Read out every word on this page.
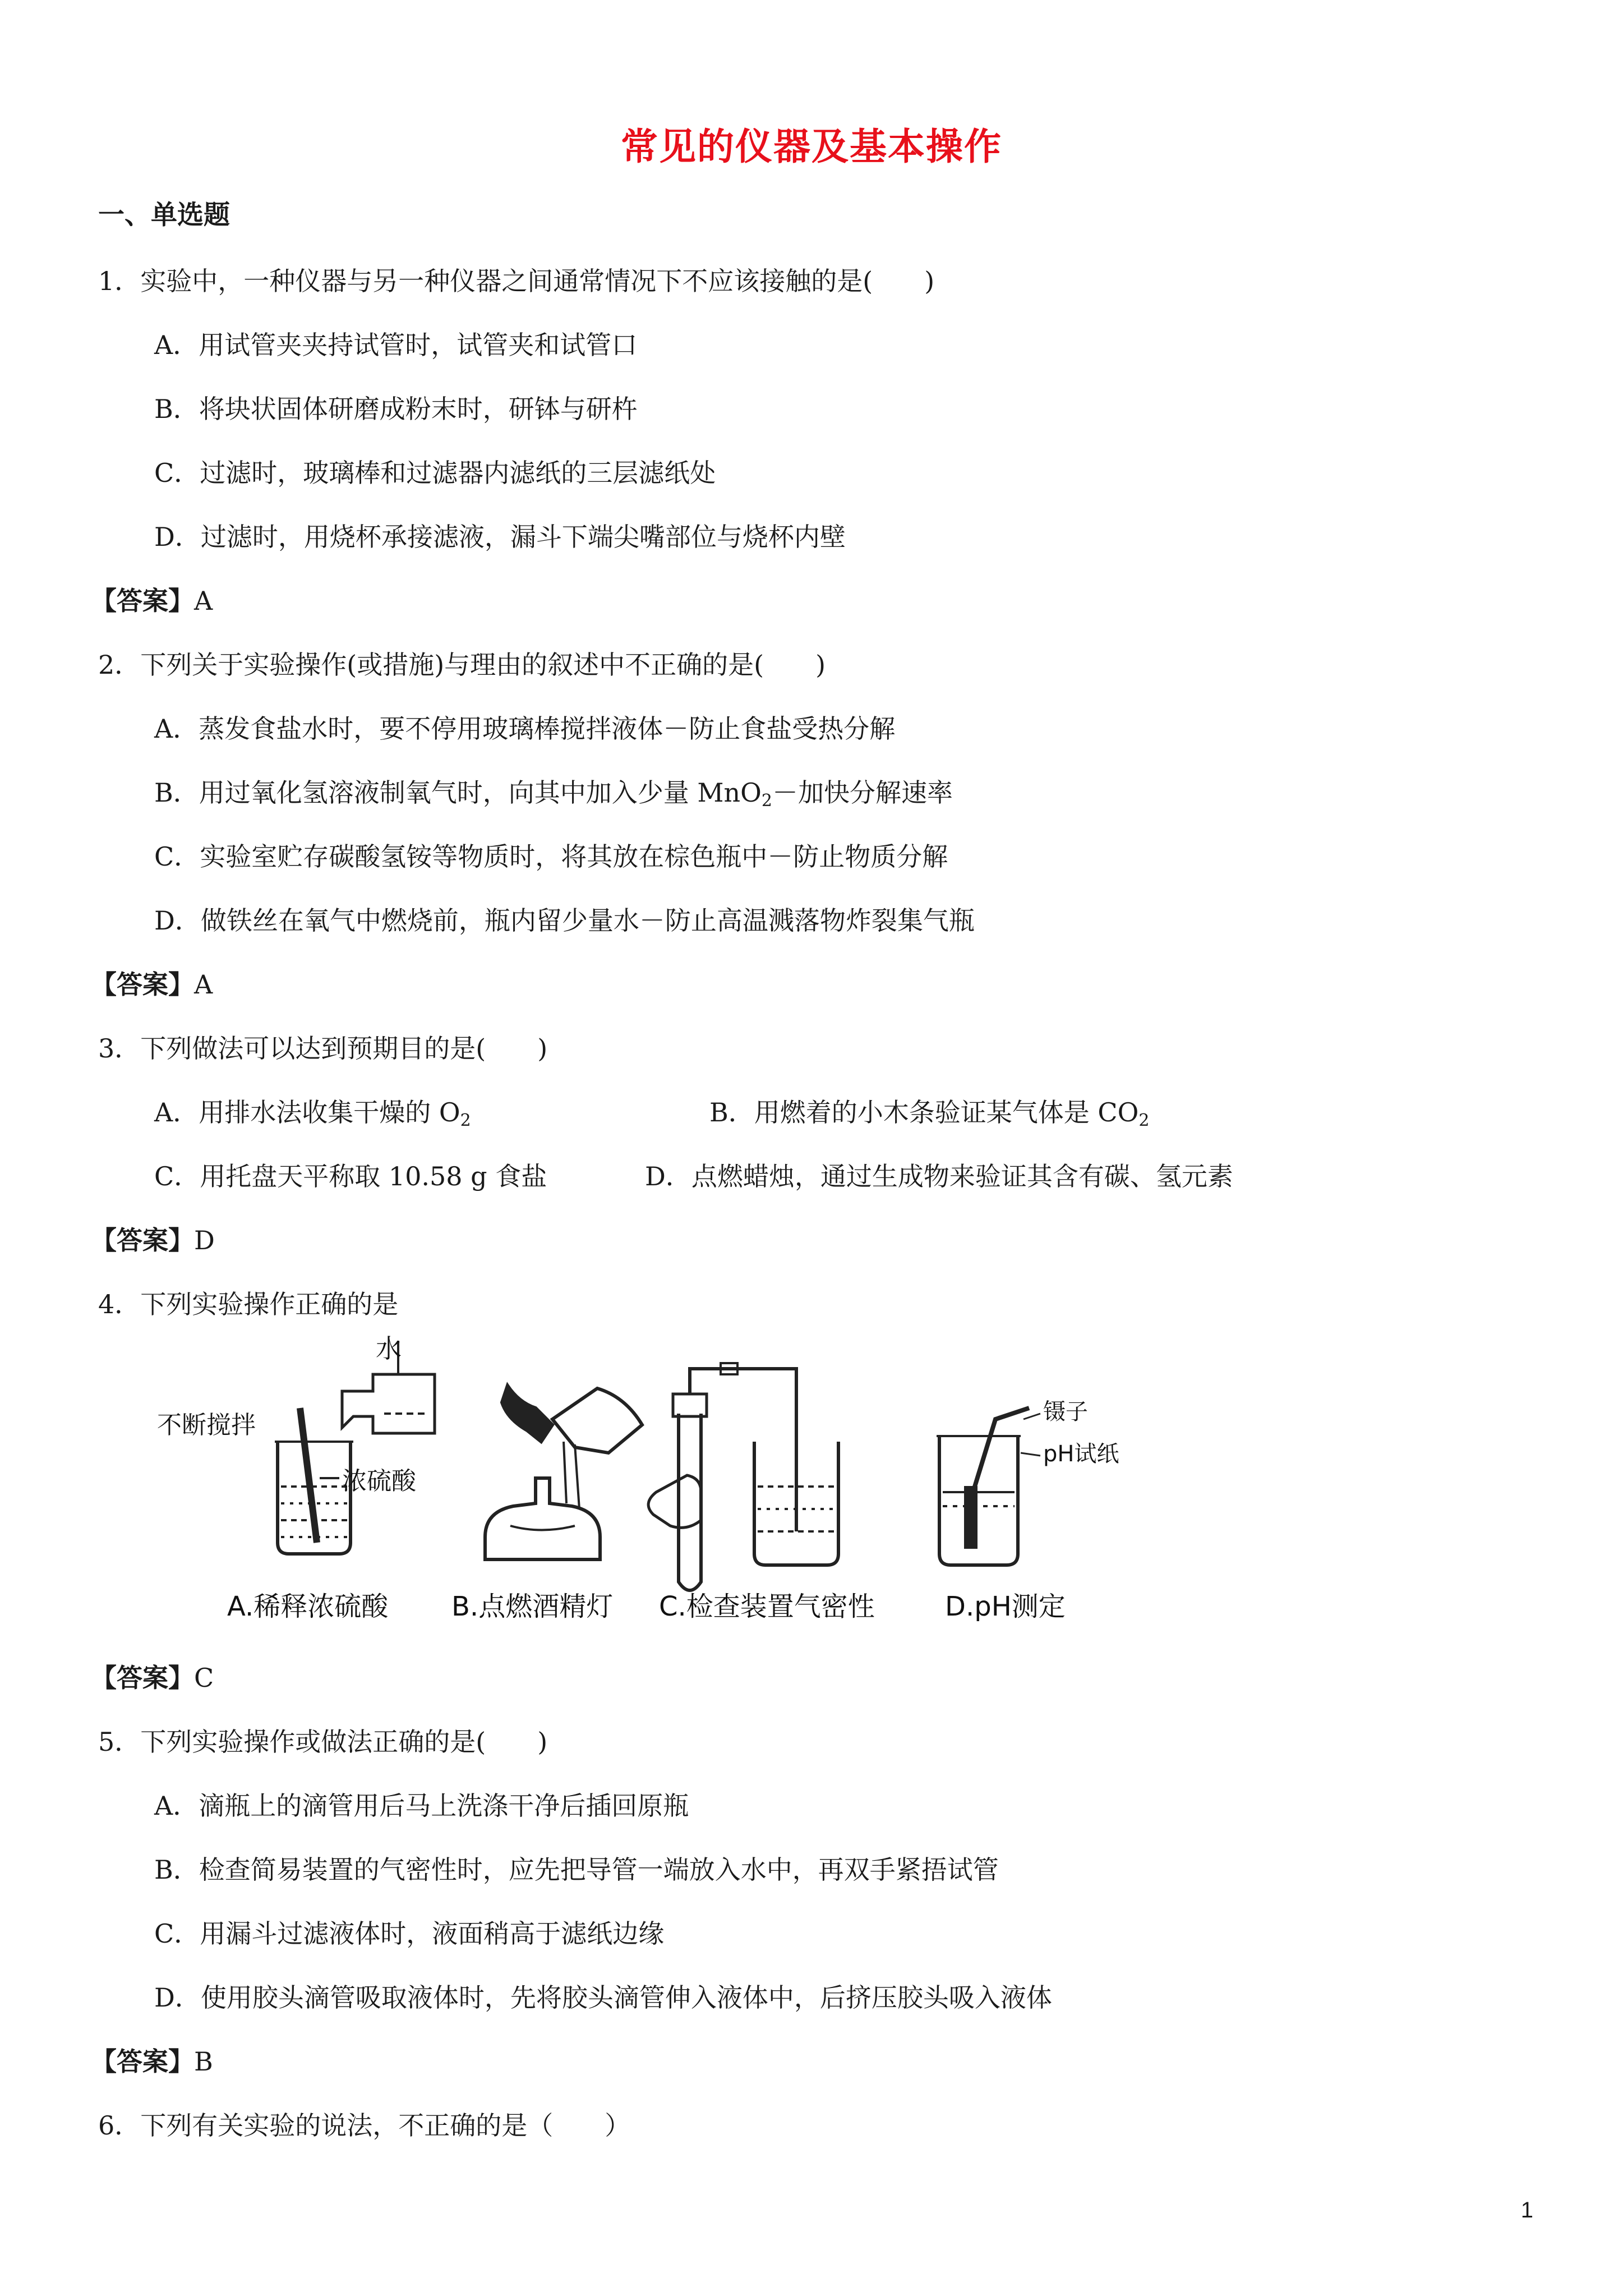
常见的仪器及基本操作
一、单选题
1．实验中，一种仪器与另一种仪器之间通常情况下不应该接触的是(　　)
A．用试管夹夹持试管时，试管夹和试管口
B．将块状固体研磨成粉末时，研钵与研杵
C．过滤时，玻璃棒和过滤器内滤纸的三层滤纸处
D．过滤时，用烧杯承接滤液，漏斗下端尖嘴部位与烧杯内壁
【答案】A
2．下列关于实验操作(或措施)与理由的叙述中不正确的是(　　)
A．蒸发食盐水时，要不停用玻璃棒搅拌液体－防止食盐受热分解
B．用过氧化氢溶液制氧气时，向其中加入少量 MnO$_2$－加快分解速率
C．实验室贮存碳酸氢铵等物质时，将其放在棕色瓶中－防止物质分解
D．做铁丝在氧气中燃烧前，瓶内留少量水－防止高温溅落物炸裂集气瓶
【答案】A
3．下列做法可以达到预期目的是(　　)
A．用排水法收集干燥的 $O_2$	B．用燃着的小木条验证某气体是 $CO_2$
C．用托盘天平称取 10.58 g 食盐	D．点燃蜡烛，通过生成物来验证其含有碳、氢元素
【答案】D
4．下列实验操作正确的是
水
不断搅拌
浓硫酸
镊子
pH试纸
A.稀释浓硫酸 B.点燃酒精灯 C.检查装置气密性	D.pH测定
【答案】C
5．下列实验操作或做法正确的是(　　)
A．滴瓶上的滴管用后马上洗涤干净后插回原瓶
B．检查简易装置的气密性时，应先把导管一端放入水中，再双手紧捂试管
C．用漏斗过滤液体时，液面稍高于滤纸边缘
D．使用胶头滴管吸取液体时，先将胶头滴管伸入液体中，后挤压胶头吸入液体
【答案】B
6．下列有关实验的说法，不正确的是（　　）
1
